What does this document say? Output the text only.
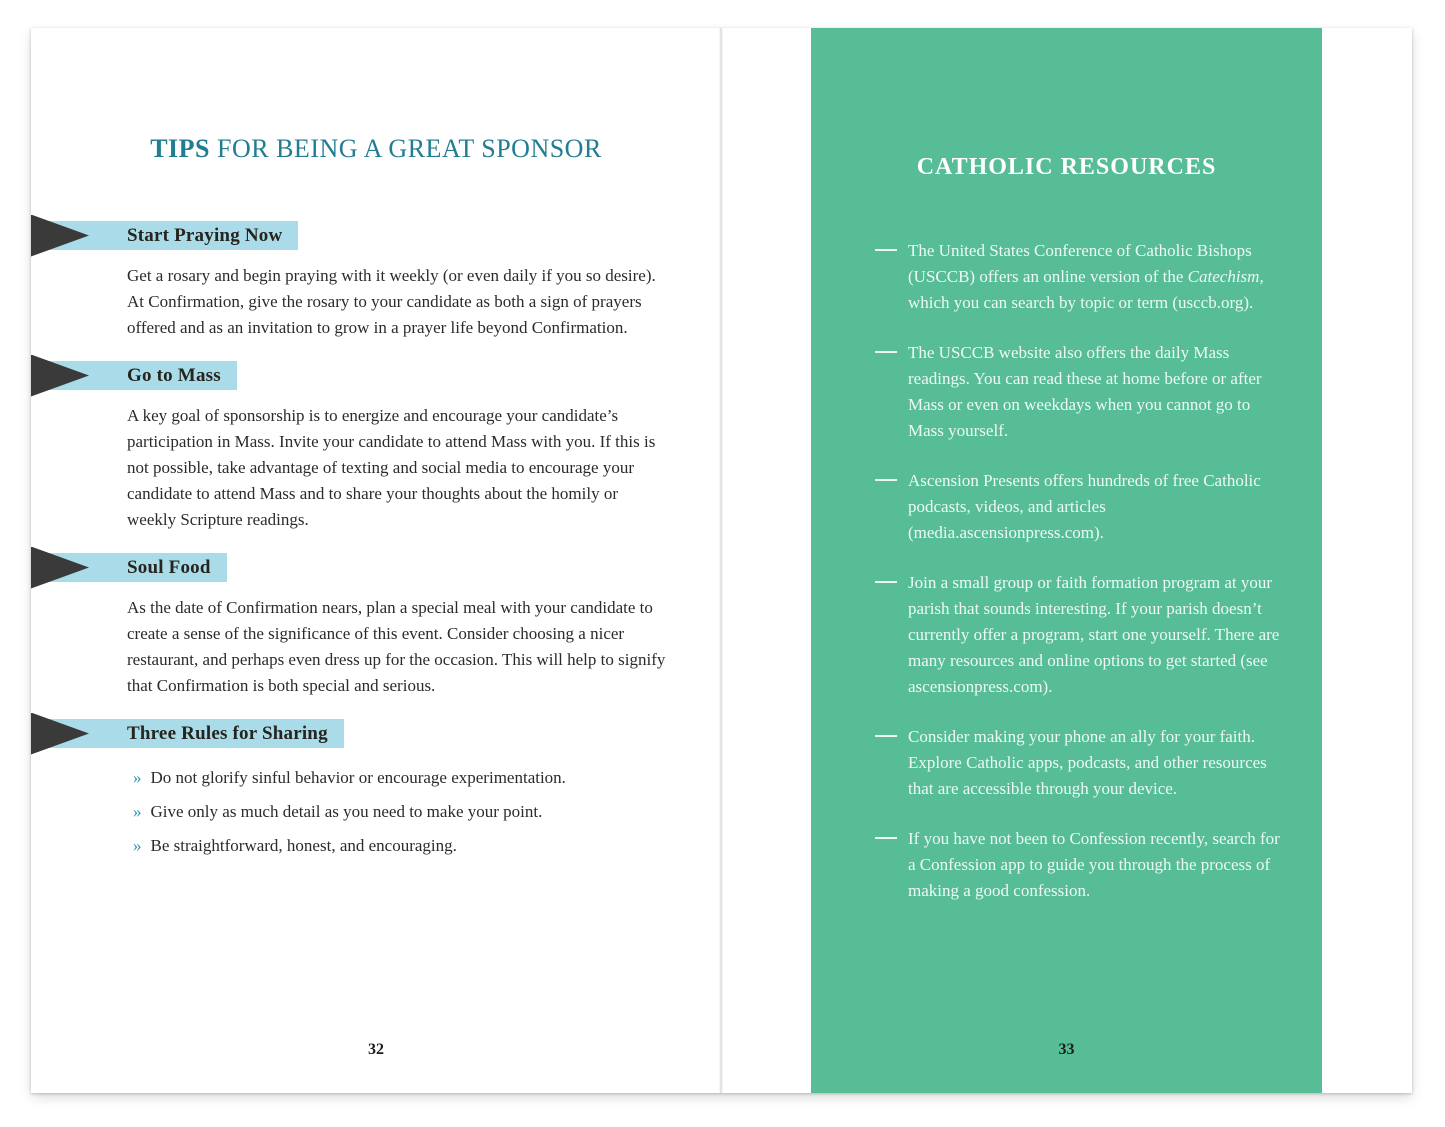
TIPS FOR BEING A GREAT SPONSOR
Start Praying Now

Get a rosary and begin praying with it weekly (or even daily if you so desire). At Confirmation, give the rosary to your candidate as both a sign of prayers offered and as an invitation to grow in a prayer life beyond Confirmation.

Go to Mass

A key goal of sponsorship is to energize and encourage your candidate’s participation in Mass. Invite your candidate to attend Mass with you. If this is not possible, take advantage of texting and social media to encourage your candidate to attend Mass and to share your thoughts about the homily or weekly Scripture readings.

Soul Food

As the date of Confirmation nears, plan a special meal with your candidate to create a sense of the significance of this event. Consider choosing a nicer restaurant, and perhaps even dress up for the occasion. This will help to signify that Confirmation is both special and serious.

Three Rules for Sharing
» Do not glorify sinful behavior or encourage experimentation.
» Give only as much detail as you need to make your point.
» Be straightforward, honest, and encouraging.
32
CATHOLIC RESOURCES

The United States Conference of Catholic Bishops (USCCB) offers an online version of the Catechism, which you can search by topic or term (usccb.org).

The USCCB website also offers the daily Mass readings. You can read these at home before or after Mass or even on weekdays when you cannot go to Mass yourself.

Ascension Presents offers hundreds of free Catholic podcasts, videos, and articles (media.ascensionpress.com).

Join a small group or faith formation program at your parish that sounds interesting. If your parish doesn’t currently offer a program, start one yourself. There are many resources and online options to get started (see ascensionpress.com).

Consider making your phone an ally for your faith. Explore Catholic apps, podcasts, and other resources that are accessible through your device.

If you have not been to Confession recently, search for a Confession app to guide you through the process of making a good confession.

33
